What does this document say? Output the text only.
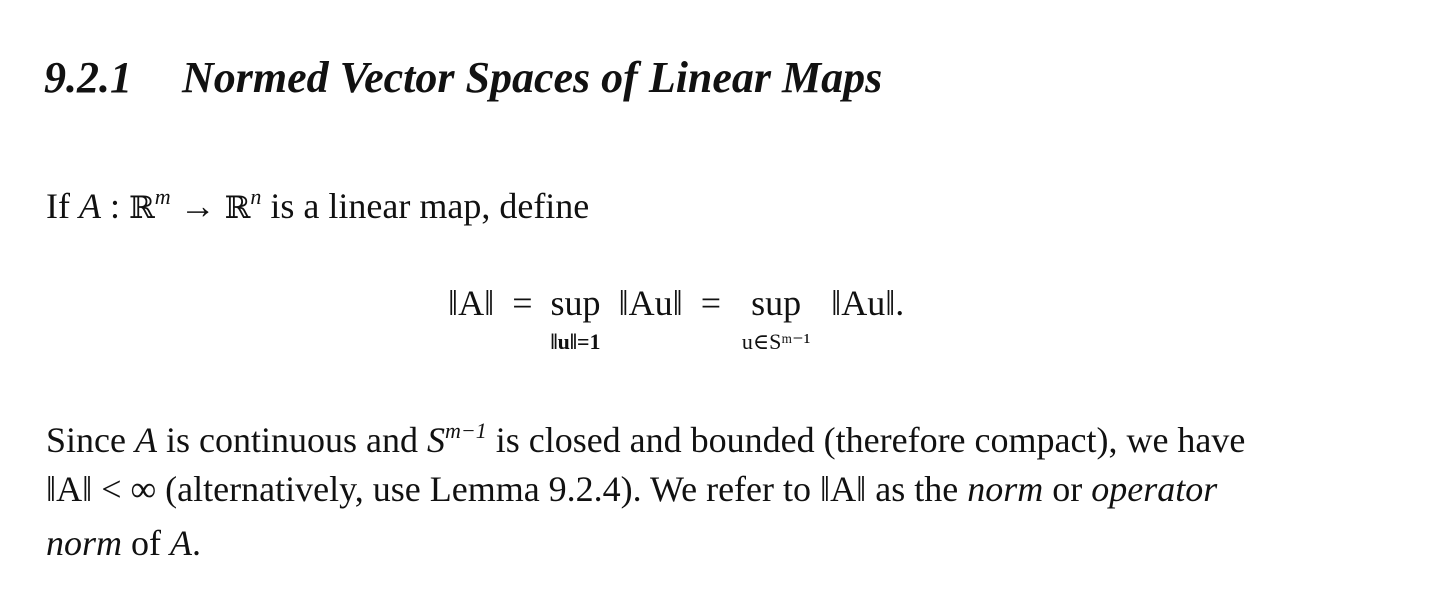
9.2.1 Normed Vector Spaces of Linear Maps
If A : ℝ$^m$ → ℝ$^n$ is a linear map, define
‖A‖ = sup
‖u‖=1
‖Au‖ = sup
u∈Sᵐ⁻¹
‖Au‖.
Since A is continuous and $S^{m-1}$ is closed and bounded (therefore compact), we have
‖A‖ < ∞ (alternatively, use Lemma 9.2.4). We refer to ‖A‖ as the norm or operator
norm of A.
